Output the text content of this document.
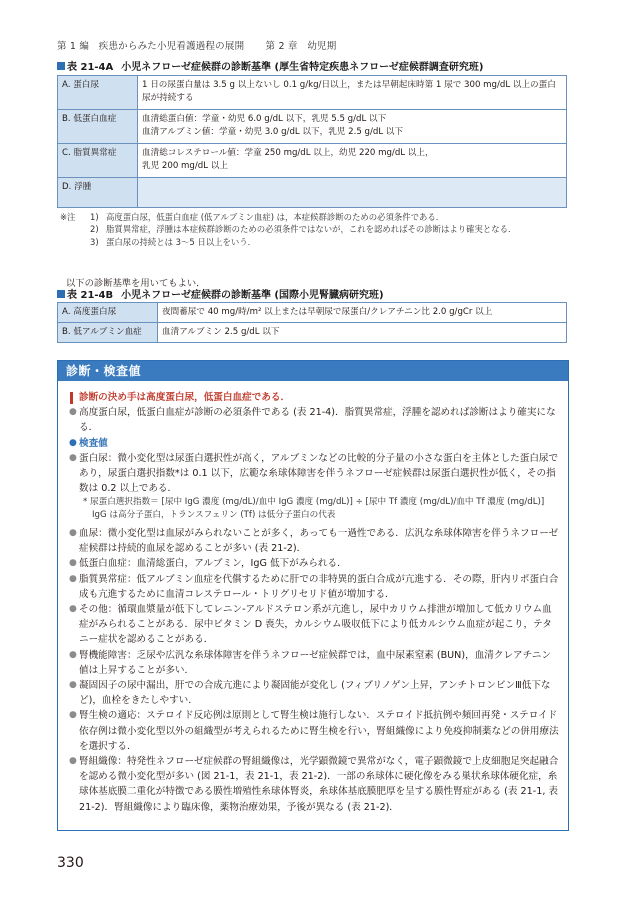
第 1 編　疾患からみた小児看護過程の展開 第 2 章　幼児期
表 21-4A 小児ネフローゼ症候群の診断基準 (厚生省特定疾患ネフローゼ症候群調査研究班)
A. 蛋白尿	1 日の尿蛋白量は 3.5 g 以上ないし 0.1 g/kg/日以上，または早朝起床時第 1 尿で 300 mg/dL 以上の蛋白尿が持続する
B. 低蛋白血症	血清総蛋白値：学童・幼児 6.0 g/dL 以下，乳児 5.5 g/dL 以下
血清アルブミン値：学童・幼児 3.0 g/dL 以下，乳児 2.5 g/dL 以下
C. 脂質異常症	血清総コレステロール値：学童 250 mg/dL 以上，幼児 220 mg/dL 以上，
乳児 200 mg/dL 以上
D. 浮腫	
※注	1) 高度蛋白尿，低蛋白血症 (低アルブミン血症) は，本症候群診断のための必須条件である．
2) 脂質異常症，浮腫は本症候群診断のための必須条件ではないが，これを認めればその診断はより確実となる．
3) 蛋白尿の持続とは 3～5 日以上をいう．
以下の診断基準を用いてもよい．
表 21-4B 小児ネフローゼ症候群の診断基準 (国際小児腎臓病研究班)
A. 高度蛋白尿	夜間蓄尿で 40 mg/時/m² 以上または早朝尿で尿蛋白/クレアチニン比 2.0 g/gCr 以上
B. 低アルブミン血症	血清アルブミン 2.5 g/dL 以下
診断・検査値
診断の決め手は高度蛋白尿，低蛋白血症である．
● 高度蛋白尿，低蛋白血症が診断の必須条件である (表 21-4)．脂質異常症，浮腫を認めれば診断はより確実になる．
● 検査値
● 蛋白尿：微小変化型は尿蛋白選択性が高く，アルブミンなどの比較的分子量の小さな蛋白を主体とした蛋白尿であり，尿蛋白選択指数*は 0.1 以下，広範な糸球体障害を伴うネフローゼ症候群は尿蛋白選択性が低く，その指数は 0.2 以上である．
* 尿蛋白選択指数＝ [尿中 IgG 濃度 (mg/dL)/血中 IgG 濃度 (mg/dL)] ÷ [尿中 Tf 濃度 (mg/dL)/血中 Tf 濃度 (mg/dL)]
IgG は高分子蛋白，トランスフェリン (Tf) は低分子蛋白の代表
● 血尿：微小変化型は血尿がみられないことが多く，あっても一過性である．広汎な糸球体障害を伴うネフローゼ症候群は持続的血尿を認めることが多い (表 21-2)．
● 低蛋白血症：血清総蛋白，アルブミン，IgG 低下がみられる．
● 脂質異常症：低アルブミン血症を代償するために肝での非特異的蛋白合成が亢進する．その際，肝内リポ蛋白合成も亢進するために血清コレステロール・トリグリセリド値が増加する．
● その他：循環血漿量が低下してレニン-アルドステロン系が亢進し，尿中カリウム排泄が増加して低カリウム血症がみられることがある．尿中ビタミン D 喪失，カルシウム吸収低下により低カルシウム血症が起こり，テタニー症状を認めることがある．
● 腎機能障害：乏尿や広汎な糸球体障害を伴うネフローゼ症候群では，血中尿素窒素 (BUN)，血清クレアチニン値は上昇することが多い．
● 凝固因子の尿中漏出，肝での合成亢進により凝固能が変化し (フィブリノゲン上昇，アンチトロンビンⅢ低下など)，血栓をきたしやすい．
● 腎生検の適応：ステロイド反応例は原則として腎生検は施行しない．ステロイド抵抗例や頻回再発・ステロイド依存例は微小変化型以外の組織型が考えられるために腎生検を行い，腎組織像により免疫抑制薬などの併用療法を選択する．
● 腎組織像：特発性ネフローゼ症候群の腎組織像は，光学顕微鏡で異常がなく，電子顕微鏡で上皮細胞足突起融合を認める微小変化型が多い (図 21-1，表 21-1，表 21-2)．一部の糸球体に硬化像をみる巣状糸球体硬化症，糸球体基底膜二重化が特徴である膜性増殖性糸球体腎炎，糸球体基底膜肥厚を呈する膜性腎症がある (表 21-1, 表 21-2)．腎組織像により臨床像，薬物治療効果，予後が異なる (表 21-2)．
330
